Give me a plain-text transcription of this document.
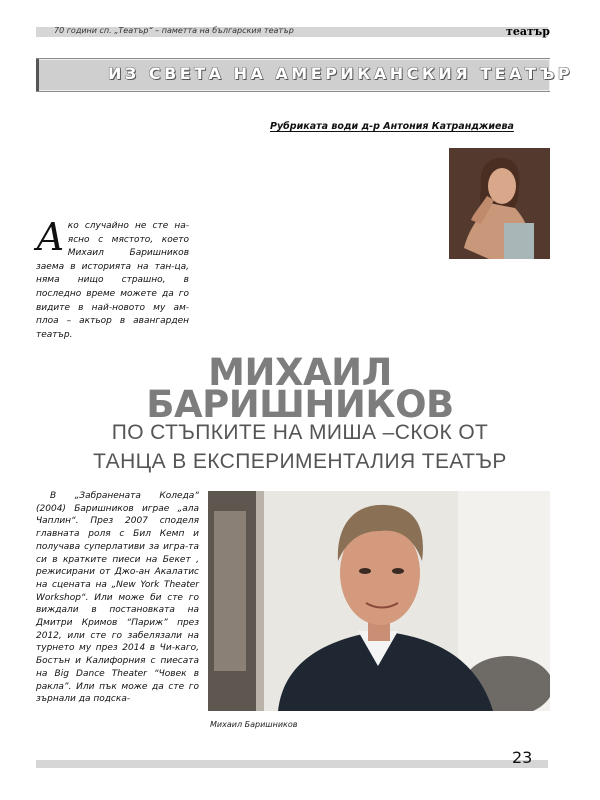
70 години сп. „Театър“ – паметта на българския театър	театър
ИЗ СВЕТА НА АМЕРИКАНСКИЯ ТЕАТЪР
Рубриката води д-р Антония Катранджиева
Ако случайно не сте на-ясно с мястото, което Михаил Баришников заема в историята на тан-ца, няма нищо страшно, в последно време можете да го видите в най-новото му ам-плоа – актьор в авангарден театър.
МИХАИЛ
БАРИШНИКОВ
ПО СТЪПКИТЕ НА МИША –СКОК ОТ
ТАНЦА В ЕКСПЕРИМЕНТАЛИЯ ТЕАТЪР
В „Забранената Коледа“ (2004) Баришников играе „ала Чаплин“. През 2007 споделя главната роля с Бил Кемп и получава суперлативи за игра-та си в кратките пиеси на Бекет , режисирани от Джо-ан Акалатис на сцената на „New York Theater Workshop“. Или може би сте го виждали в постановката на Дмитри Кримов “Париж” през 2012, или сте го забелязали на турнето му през 2014 в Чи-каго, Бостън и Калифорния с пиесата на Big Dance Theater “Човек в ракла”. Или пък може да сте го зърнали да подска-
Михаил Баришников
23
